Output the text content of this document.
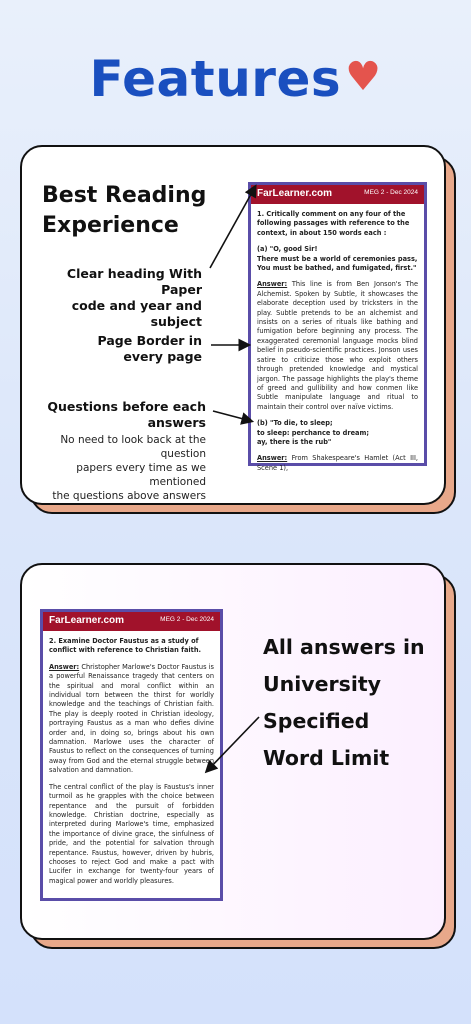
Features ♥
Best Reading
Experience
Clear heading With Paper
code and year and subject
Page Border in
every page
Questions before each
answers
No need to look back at the question
papers every time as we mentioned
the questions above answers
FarLearner.com	MEG 2 - Dec 2024
1. Critically comment on any four of the following passages with reference to the context, in about 150 words each :
(a) "O, good Sir!
There must be a world of ceremonies pass,
You must be bathed, and fumigated, first."
Answer: This line is from Ben Jonson's The Alchemist. Spoken by Subtle, it showcases the elaborate deception used by tricksters in the play. Subtle pretends to be an alchemist and insists on a series of rituals like bathing and fumigation before beginning any process. The exaggerated ceremonial language mocks blind belief in pseudo-scientific practices. Jonson uses satire to criticize those who exploit others through pretended knowledge and mystical jargon. The passage highlights the play's theme of greed and gullibility and how conmen like Subtle manipulate language and ritual to maintain their control over naïve victims.
(b) "To die, to sleep;
to sleep: perchance to dream;
ay, there is the rub"
Answer: From Shakespeare's Hamlet (Act III, Scene 1),
FarLearner.com	MEG 2 - Dec 2024
2. Examine Doctor Faustus as a study of conflict with reference to Christian faith.
Answer: Christopher Marlowe's Doctor Faustus is a powerful Renaissance tragedy that centers on the spiritual and moral conflict within an individual torn between the thirst for worldly knowledge and the teachings of Christian faith. The play is deeply rooted in Christian ideology, portraying Faustus as a man who defies divine order and, in doing so, brings about his own damnation. Marlowe uses the character of Faustus to reflect on the consequences of turning away from God and the eternal struggle between salvation and damnation.
The central conflict of the play is Faustus's inner turmoil as he grapples with the choice between repentance and the pursuit of forbidden knowledge. Christian doctrine, especially as interpreted during Marlowe's time, emphasized the importance of divine grace, the sinfulness of pride, and the potential for salvation through repentance. Faustus, however, driven by hubris, chooses to reject God and make a pact with Lucifer in exchange for twenty-four years of magical power and worldly pleasures.
All answers in
University
Specified
Word Limit
